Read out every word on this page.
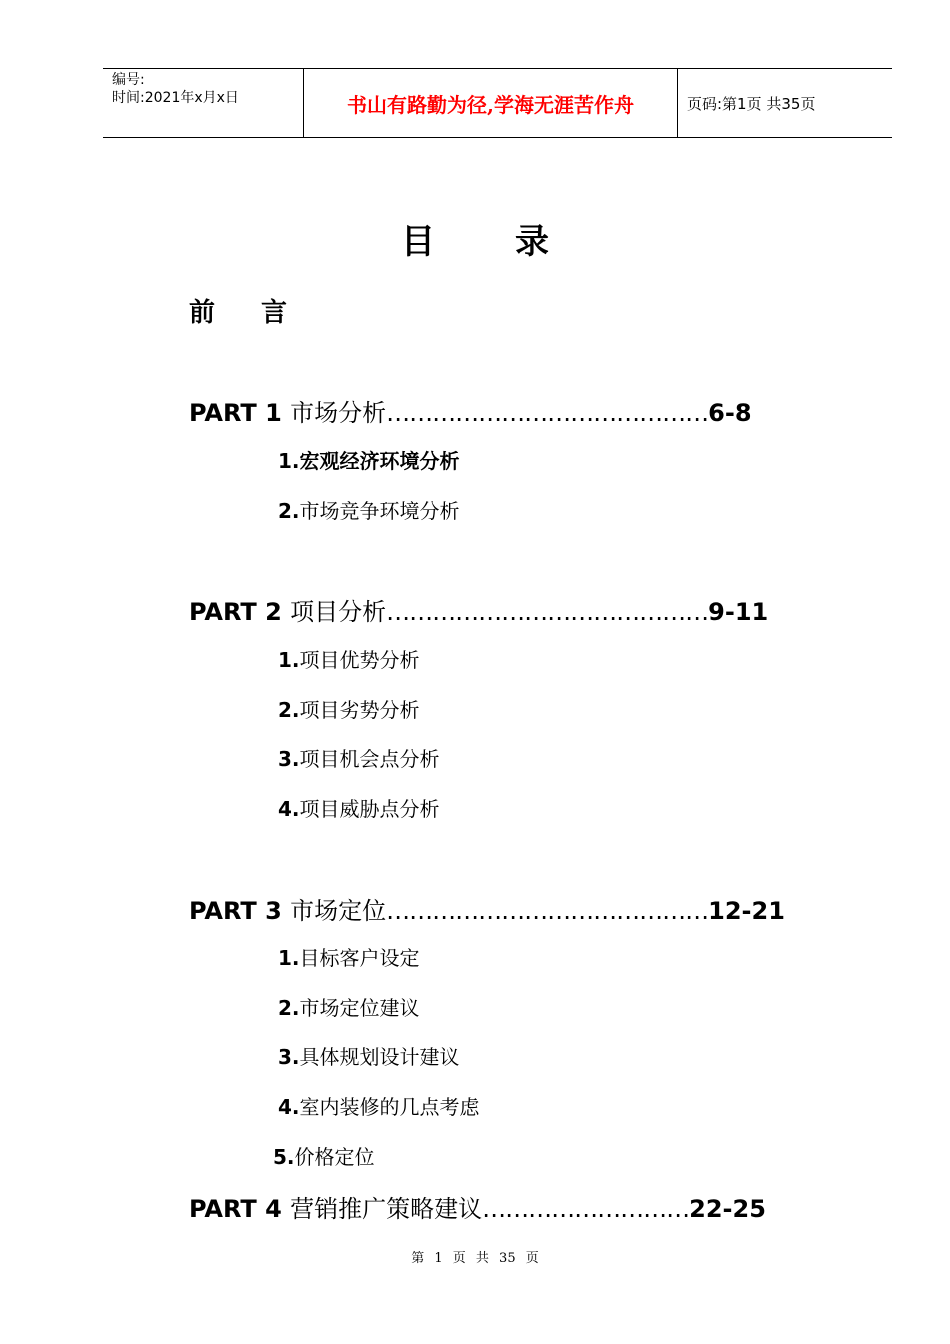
编号:
时间:2021年x月x日	书山有路勤为径,学海无涯苦作舟	页码:第1页 共35页
目 录
前 言
PART 1 市场分析……………………………………6-8
1.宏观经济环境分析
2.市场竞争环境分析
PART 2 项目分析……………………………………9-11
1.项目优势分析
2.项目劣势分析
3.项目机会点分析
4.项目威胁点分析
PART 3 市场定位……………………………………12-21
1.目标客户设定
2.市场定位建议
3.具体规划设计建议
4.室内装修的几点考虑
5.价格定位
PART 4 营销推广策略建议………………………22-25
第 1 页 共 35 页
